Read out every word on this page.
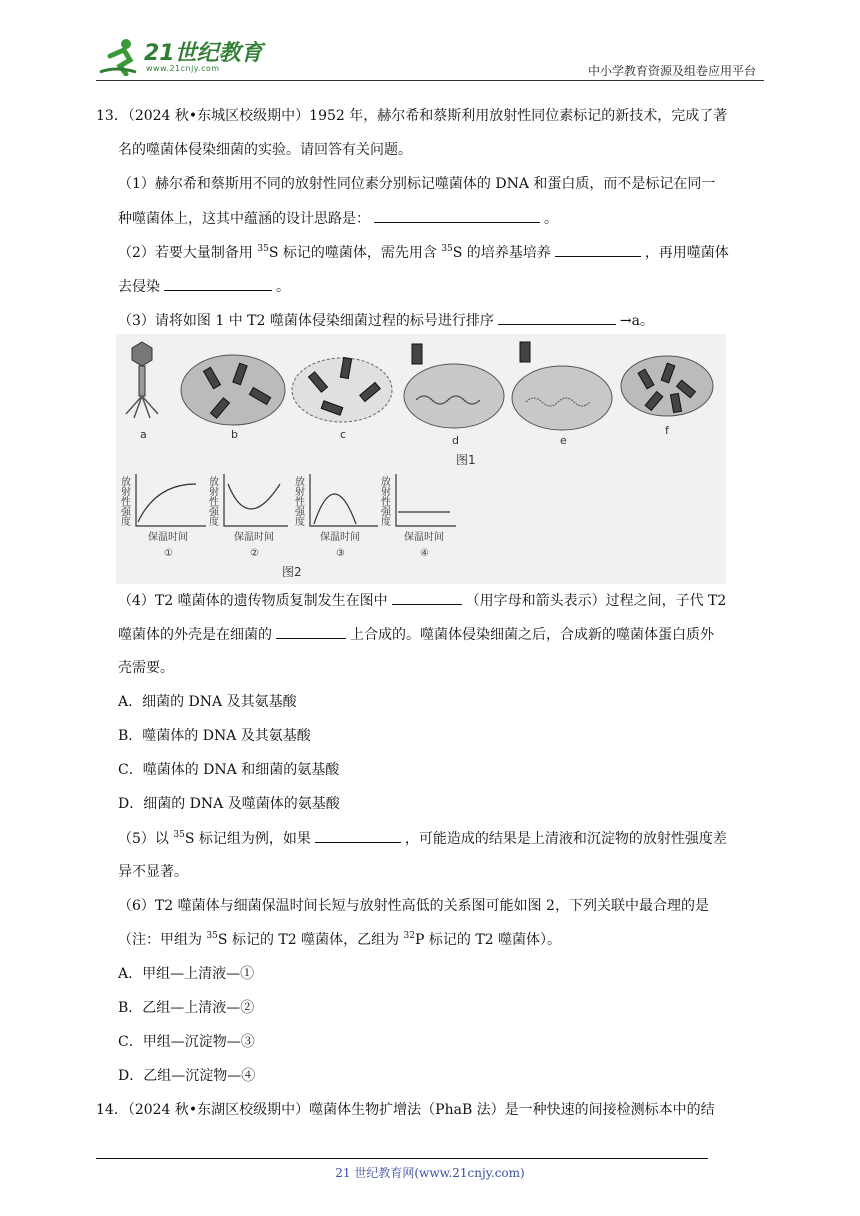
21世纪教育
www.21cnjy.com	中小学教育资源及组卷应用平台
13．（2024 秋•东城区校级期中）1952 年，赫尔希和蔡斯利用放射性同位素标记的新技术，完成了著
名的噬菌体侵染细菌的实验。请回答有关问题。
（1）赫尔希和蔡斯用不同的放射性同位素分别标记噬菌体的 DNA 和蛋白质，而不是标记在同一
种噬菌体上，这其中蕴涵的设计思路是：	。
（2）若要大量制备用 $^{35}$S 标记的噬菌体，需先用含 $^{35}$S 的培养基培养	，再用噬菌体
去侵染	。
（3）请将如图 1 中 T2 噬菌体侵染细菌过程的标号进行排序	→a。
a	b	c	d	e
f
图1
放射性强度	放射性强度	放射性强度	放射性强度
保温时间	保温时间	保温时间	保温时间
①	②	③	④
图2
（4）T2 噬菌体的遗传物质复制发生在图中	（用字母和箭头表示）过程之间，子代 T2
噬菌体的外壳是在细菌的	上合成的。噬菌体侵染细菌之后，合成新的噬菌体蛋白质外
壳需要。
A．细菌的 DNA 及其氨基酸
B．噬菌体的 DNA 及其氨基酸
C．噬菌体的 DNA 和细菌的氨基酸
D．细菌的 DNA 及噬菌体的氨基酸
（5）以 $^{35}$S 标记组为例，如果	，可能造成的结果是上清液和沉淀物的放射性强度差
异不显著。
（6）T2 噬菌体与细菌保温时间长短与放射性高低的关系图可能如图 2，下列关联中最合理的是
（注：甲组为 $^{35}$S 标记的 T2 噬菌体，乙组为 $^{32}$P 标记的 T2 噬菌体）。
A．甲组—上清液—①
B．乙组—上清液—②
C．甲组—沉淀物—③
D．乙组—沉淀物—④
14．（2024 秋•东湖区校级期中）噬菌体生物扩增法（PhaB 法）是一种快速的间接检测标本中的结
21 世纪教育网(www.21cnjy.com)
